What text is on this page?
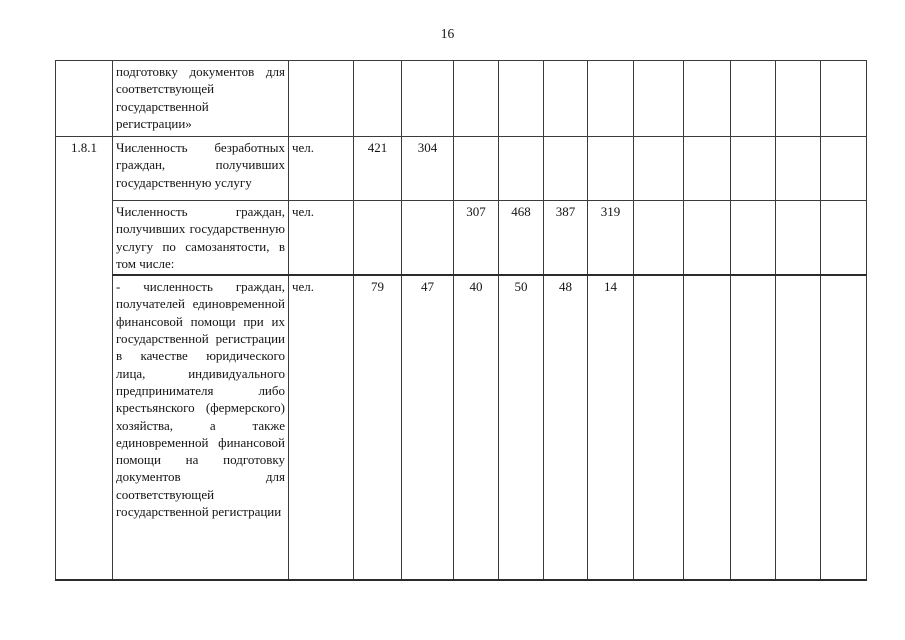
16
	подготовку документов для соответствующей государственной регистрации»												
1.8.1	Численность безработных граждан, получивших государственную услугу	чел.	421	304									
	Численность граждан, получивших государственную услугу по самозанятости, в том числе:	чел.			307	468	387	319					
	- численность граждан, получателей единовременной финансовой помощи при их государственной регистрации в качестве юридического лица, индивидуального предпринимателя либо крестьянского (фермерского) хозяйства, а также единовременной финансовой помощи на подготовку документов для соответствующей государственной регистрации	чел.	79	47	40	50	48	14					
